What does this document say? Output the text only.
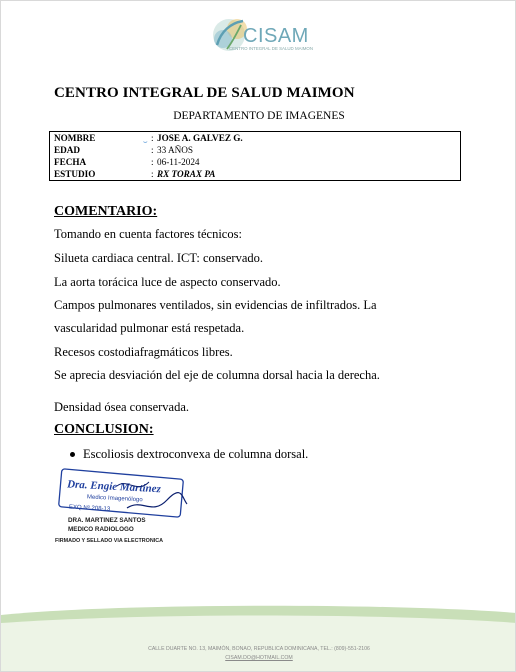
CISAM
CENTRO INTEGRAL DE SALUD MAIMON
CENTRO INTEGRAL DE SALUD MAIMON
DEPARTAMENTO DE IMAGENES
NOMBRE	⌣ : JOSE A. GALVEZ G.
EDAD	: 33 AÑOS
FECHA	: 06-11-2024
ESTUDIO	: RX TORAX PA
COMENTARIO:
Tomando en cuenta factores técnicos:
Silueta cardiaca central. ICT: conservado.
La aorta torácica luce de aspecto conservado.
Campos pulmonares ventilados, sin evidencias de infiltrados. La
vascularidad pulmonar está respetada.
Recesos costodiafragmáticos libres.
Se aprecia desviación del eje de columna dorsal hacia la derecha.
Densidad ósea conservada.
CONCLUSION:
Escoliosis dextroconvexa de columna dorsal.
Dra. Engie Martinez
Medico Imagenólogo
EXQ Nº 208-13
DRA. MARTINEZ SANTOS
MEDICO RADIOLOGO
FIRMADO Y SELLADO VIA ELECTRONICA
CALLE DUARTE NO. 13, MAIMÓN, BONAO, REPUBLICA DOMINICANA, TEL.: (809)-551-2106
CISAM.DO@HOTMAIL.COM
